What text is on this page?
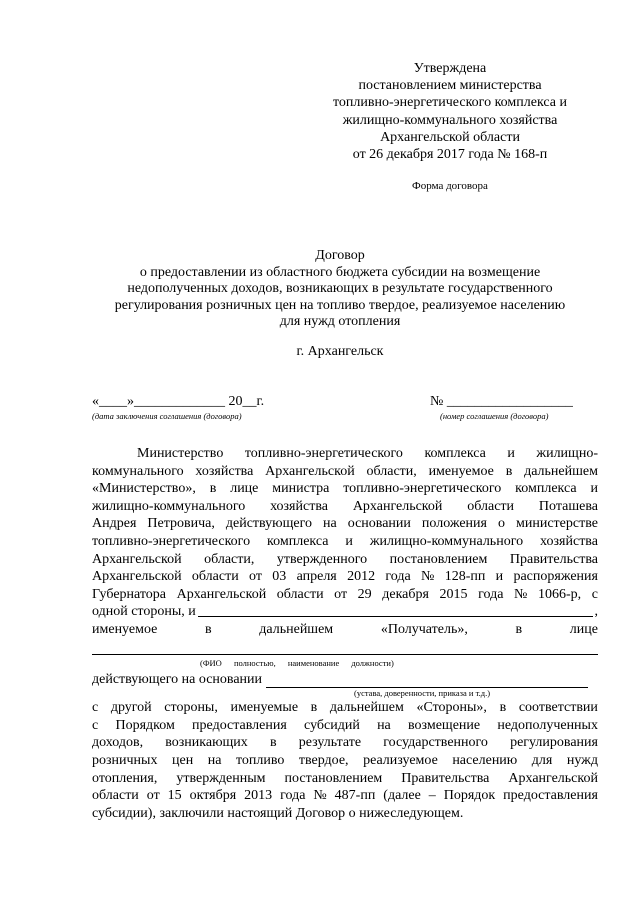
Утверждена
постановлением министерства
топливно-энергетического комплекса и
жилищно-коммунального хозяйства
Архангельской области
от 26 декабря 2017 года № 168-п
Форма договора
Договор
о предоставлении из областного бюджета субсидии на возмещение
недополученных доходов, возникающих в результате государственного
регулирования розничных цен на топливо твердое, реализуемое населению
для нужд отопления
г. Архангельск
«____»_____________ 20__г.	№ __________________
(дата заключения соглашения (договора)	(номер соглашения (договора)
Министерство топливно-энергетического комплекса и жилищно-
коммунального хозяйства Архангельской области, именуемое в дальнейшем
«Министерство», в лице министра топливно-энергетического комплекса и
жилищно-коммунального хозяйства Архангельской области Поташева
Андрея Петровича, действующего на основании положения о министерстве
топливно-энергетического комплекса и жилищно-коммунального хозяйства
Архангельской области, утвержденного постановлением Правительства
Архангельской области от 03 апреля 2012 года № 128-пп и распоряжения
Губернатора Архангельской области от 29 декабря 2015 года № 1066-р, с
одной стороны, и	,
именуемое	в	дальнейшем	«Получатель»,	в	лице
(ФИО полностью, наименование должности)
действующего на основании
(устава, доверенности, приказа и т.д.)
с другой стороны, именуемые в дальнейшем «Стороны», в соответствии
с Порядком предоставления субсидий на возмещение недополученных
доходов, возникающих в результате государственного регулирования
розничных цен на топливо твердое, реализуемое населению для нужд
отопления, утвержденным постановлением Правительства Архангельской
области от 15 октября 2013 года № 487-пп (далее – Порядок предоставления
субсидии), заключили настоящий Договор о нижеследующем.
